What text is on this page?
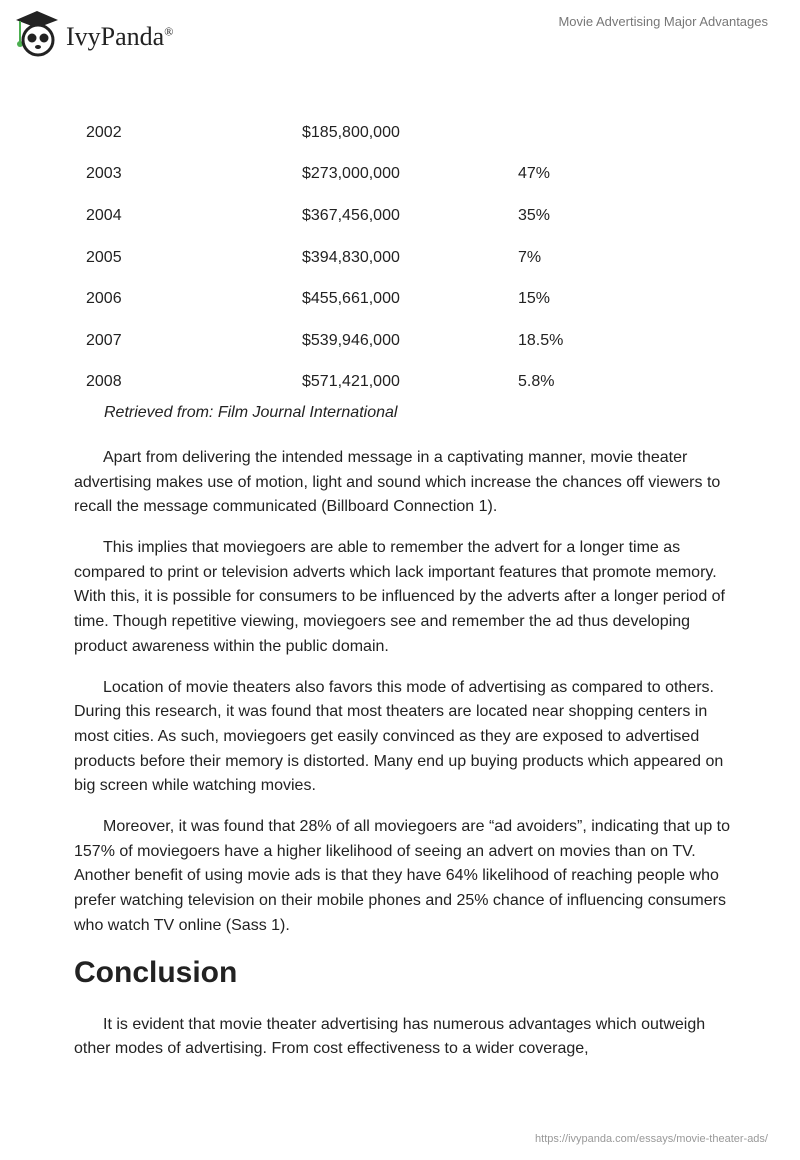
IvyPanda®
Movie Advertising Major Advantages
2002	$185,800,000	
2003	$273,000,000	47%
2004	$367,456,000	35%
2005	$394,830,000	7%
2006	$455,661,000	15%
2007	$539,946,000	18.5%
2008	$571,421,000	5.8%
Retrieved from: Film Journal International

Apart from delivering the intended message in a captivating manner, movie theater advertising makes use of motion, light and sound which increase the chances off viewers to recall the message communicated (Billboard Connection 1).

This implies that moviegoers are able to remember the advert for a longer time as compared to print or television adverts which lack important features that promote memory. With this, it is possible for consumers to be influenced by the adverts after a longer period of time. Though repetitive viewing, moviegoers see and remember the ad thus developing product awareness within the public domain.

Location of movie theaters also favors this mode of advertising as compared to others. During this research, it was found that most theaters are located near shopping centers in most cities. As such, moviegoers get easily convinced as they are exposed to advertised products before their memory is distorted. Many end up buying products which appeared on big screen while watching movies.

Moreover, it was found that 28% of all moviegoers are “ad avoiders”, indicating that up to 157% of moviegoers have a higher likelihood of seeing an advert on movies than on TV. Another benefit of using movie ads is that they have 64% likelihood of reaching people who prefer watching television on their mobile phones and 25% chance of influencing consumers who watch TV online (Sass 1).

Conclusion

It is evident that movie theater advertising has numerous advantages which outweigh other modes of advertising. From cost effectiveness to a wider coverage,

https://ivypanda.com/essays/movie-theater-ads/
